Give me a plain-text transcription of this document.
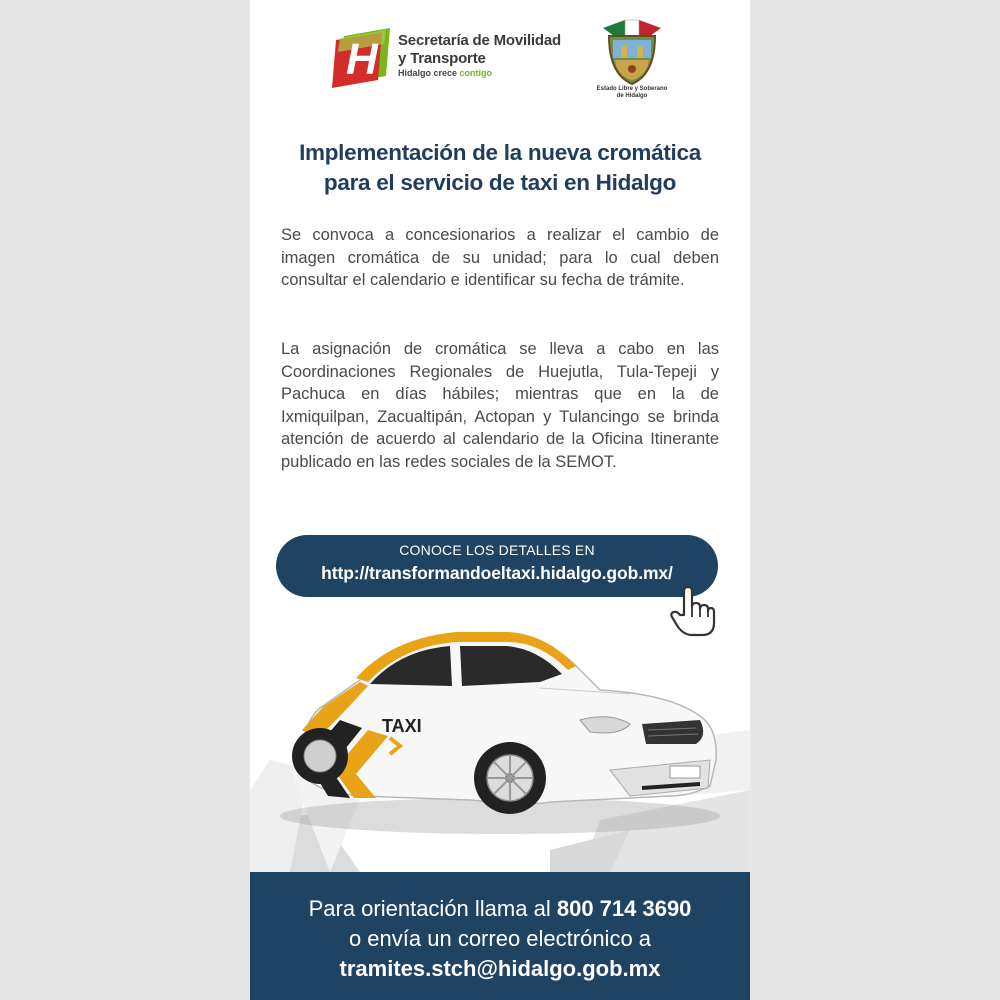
H Secretaría de Movilidad
y Transporte
Hidalgo crece contigo
Estado Libre y Soberano
de Hidalgo
Implementación de la nueva cromática
para el servicio de taxi en Hidalgo
Se convoca a concesionarios a realizar el cambio de imagen cromática de su unidad; para lo cual deben consultar el calendario e identificar su fecha de trámite.
La asignación de cromática se lleva a cabo en las Coordinaciones Regionales de Huejutla, Tula-Tepeji y Pachuca en días hábiles; mientras que en la de Ixmiquilpan, Zacualtipán, Actopan y Tulancingo se brinda atención de acuerdo al calendario de la Oficina Itinerante publicado en las redes sociales de la SEMOT.
TAXI
CONOCE LOS DETALLES EN
http://transformandoeltaxi.hidalgo.gob.mx/
Para orientación llama al 800 714 3690
o envía un correo electrónico a
tramites.stch@hidalgo.gob.mx
